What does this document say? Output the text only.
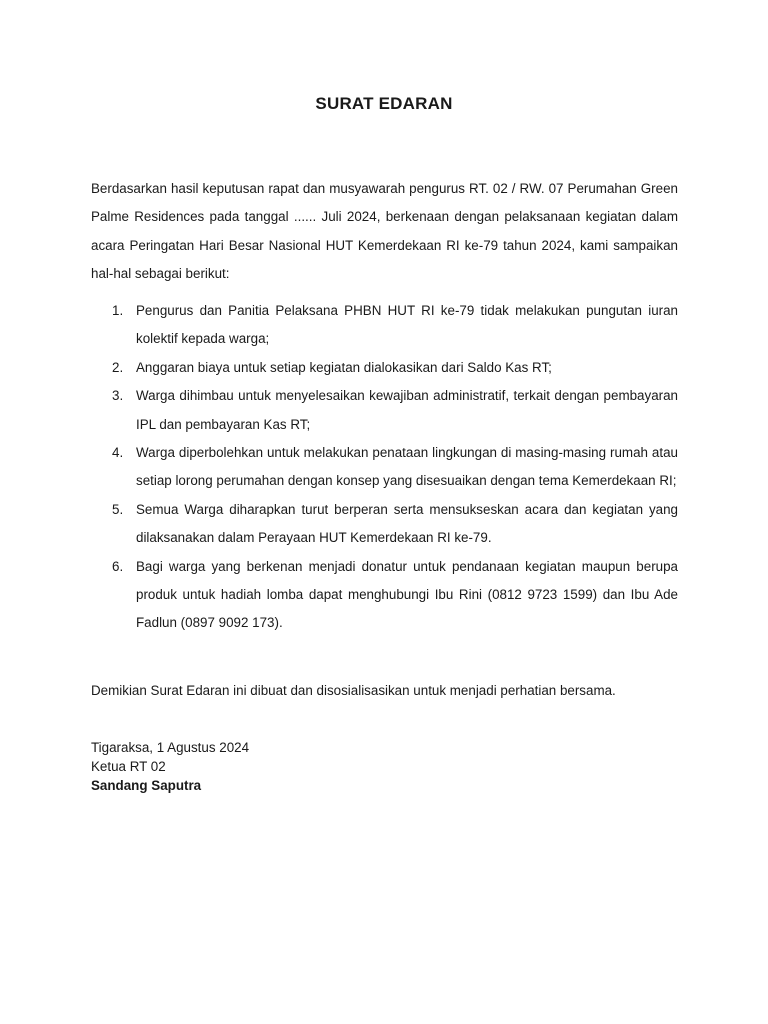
SURAT EDARAN

Berdasarkan hasil keputusan rapat dan musyawarah pengurus RT. 02 / RW. 07 Perumahan Green Palme Residences pada tanggal ...... Juli 2024, berkenaan dengan pelaksanaan kegiatan dalam acara Peringatan Hari Besar Nasional HUT Kemerdekaan RI ke-79 tahun 2024, kami sampaikan hal-hal sebagai berikut:

1. Pengurus dan Panitia Pelaksana PHBN HUT RI ke-79 tidak melakukan pungutan iuran kolektif kepada warga;
2. Anggaran biaya untuk setiap kegiatan dialokasikan dari Saldo Kas RT;
3. Warga dihimbau untuk menyelesaikan kewajiban administratif, terkait dengan pembayaran IPL dan pembayaran Kas RT;
4. Warga diperbolehkan untuk melakukan penataan lingkungan di masing-masing rumah atau setiap lorong perumahan dengan konsep yang disesuaikan dengan tema Kemerdekaan RI;
5. Semua Warga diharapkan turut berperan serta mensukseskan acara dan kegiatan yang dilaksanakan dalam Perayaan HUT Kemerdekaan RI ke-79.
6. Bagi warga yang berkenan menjadi donatur untuk pendanaan kegiatan maupun berupa produk untuk hadiah lomba dapat menghubungi Ibu Rini (0812 9723 1599) dan Ibu Ade Fadlun (0897 9092 173).

Demikian Surat Edaran ini dibuat dan disosialisasikan untuk menjadi perhatian bersama.

Tigaraksa, 1 Agustus 2024
Ketua RT 02
Sandang Saputra
